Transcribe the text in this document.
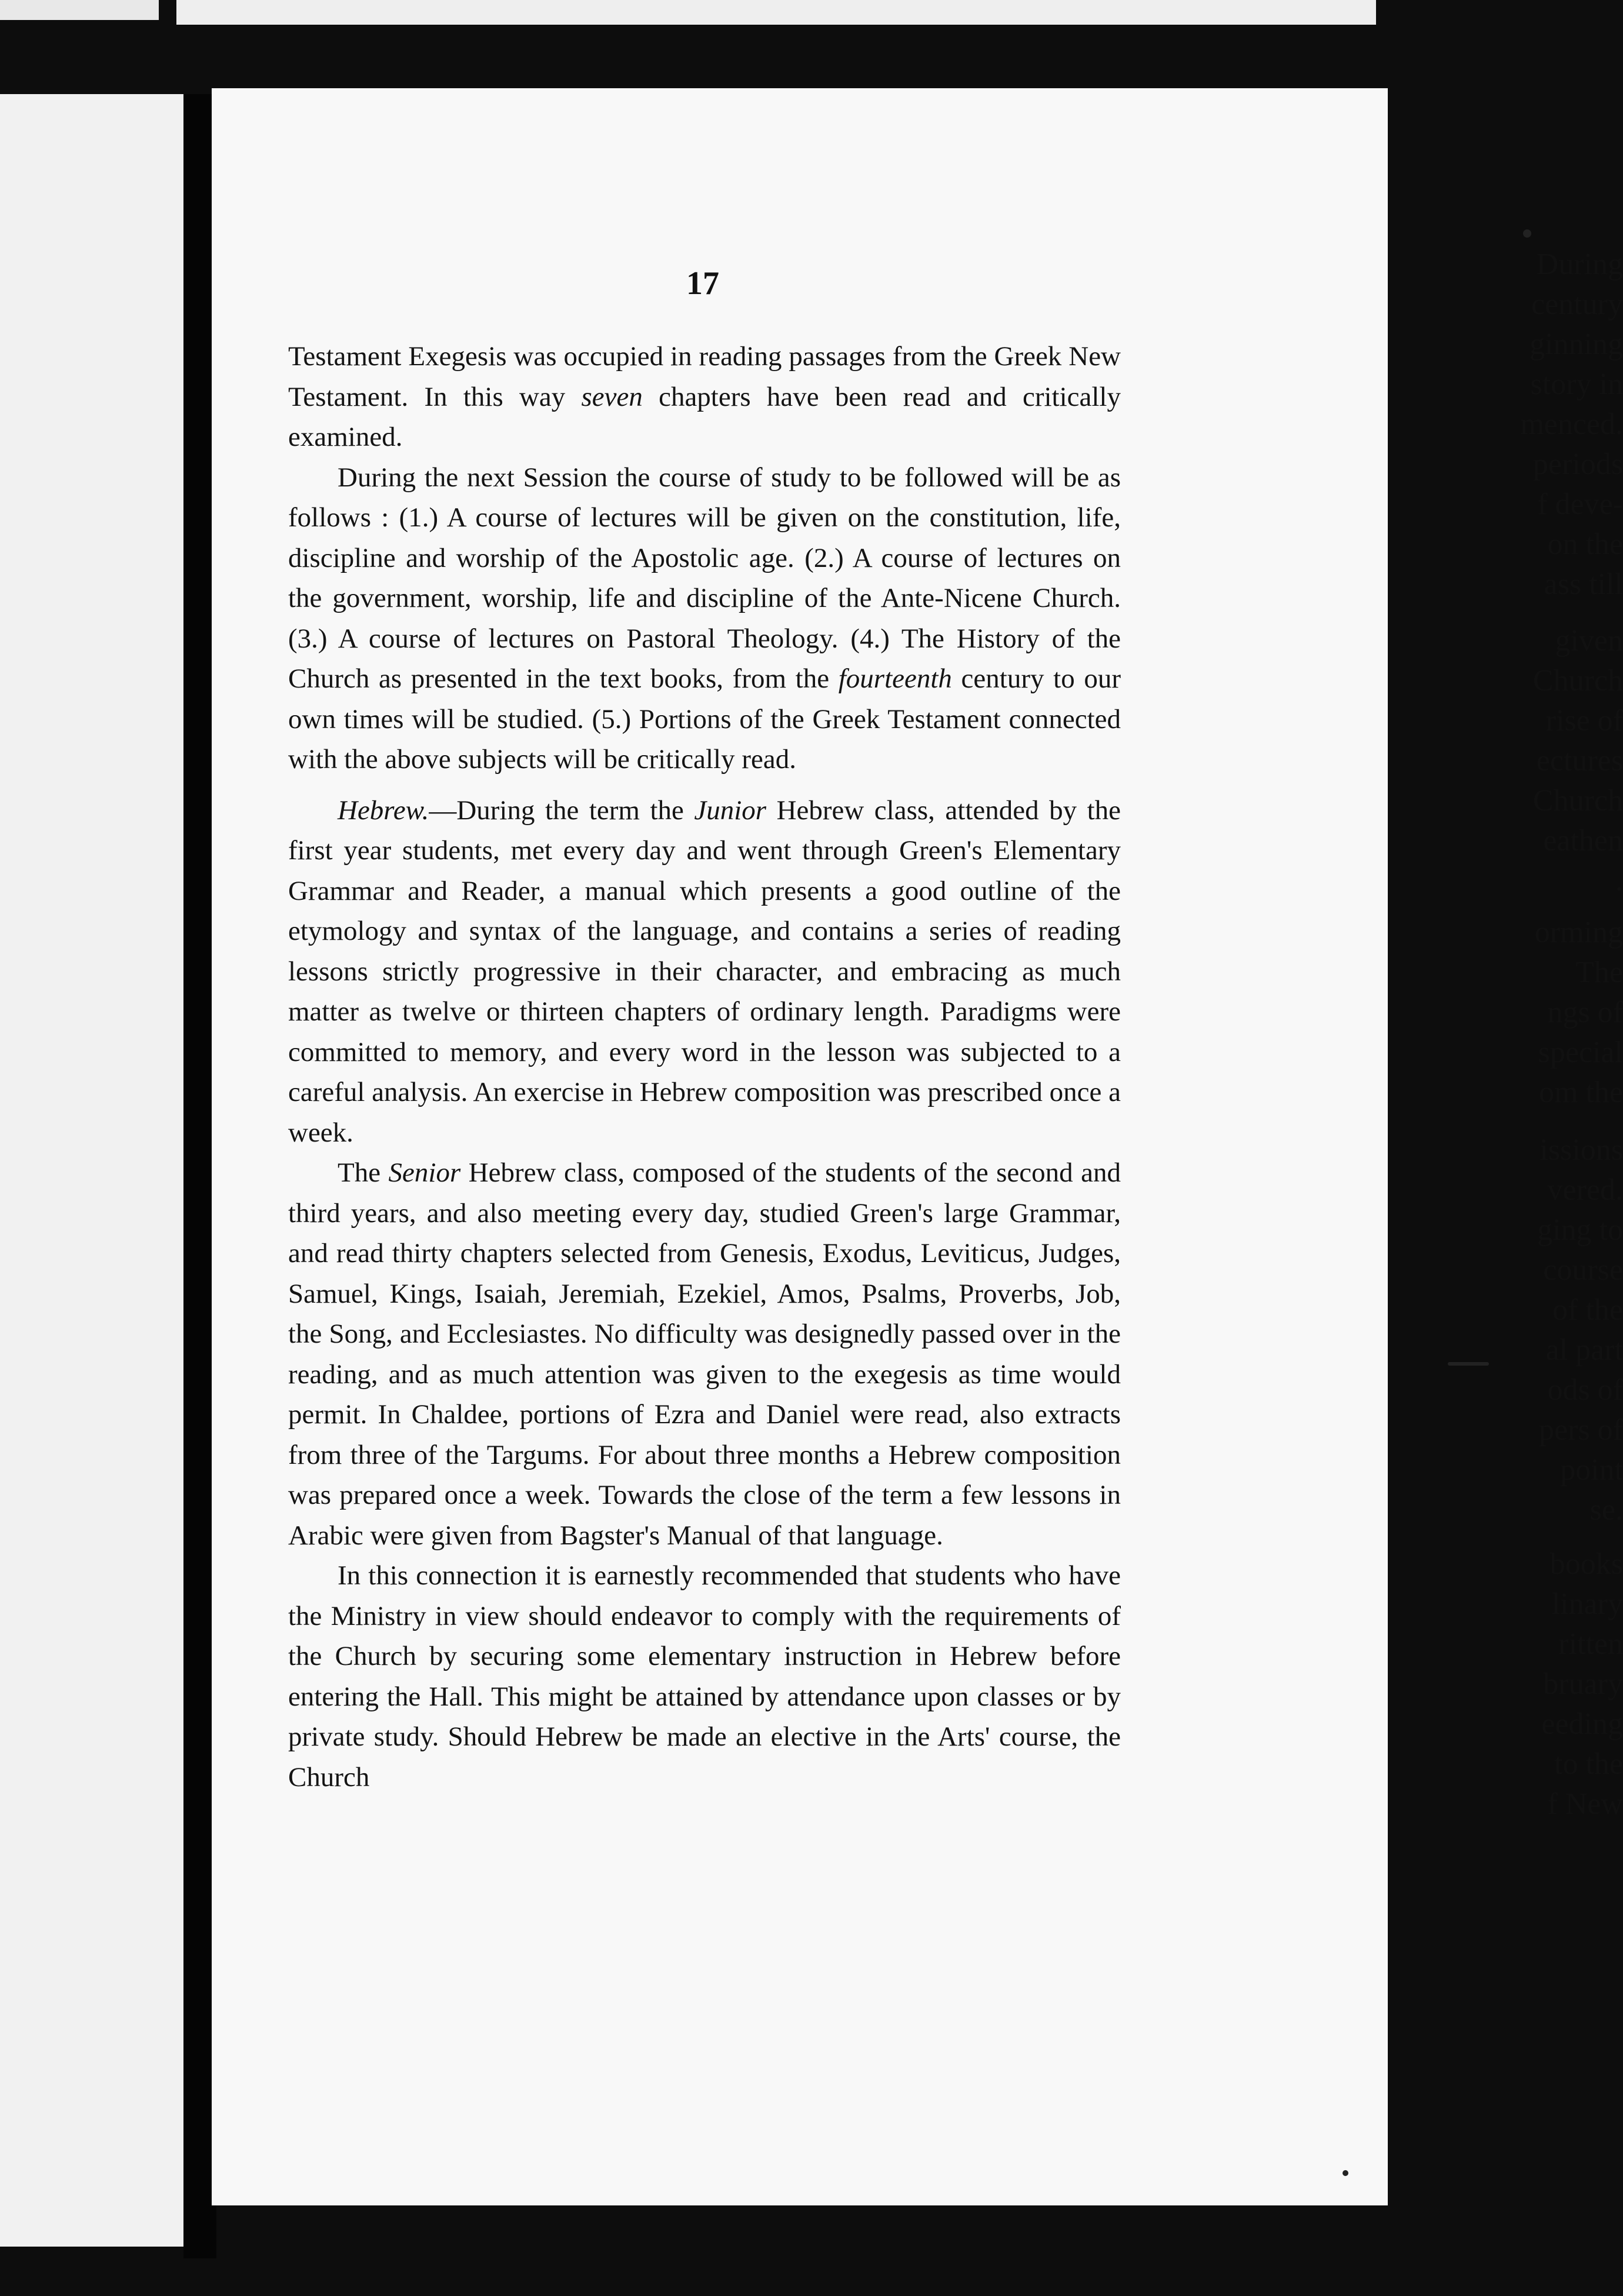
During
century
ginning
story in
menced.
periods
f deve-
on the
ass till
given
Church
rise of
ectures
Church
eathen
.
orming
The
ngs of
special
om the
issions
vered.
ging to
course
of the
al part
ods of
pers of
point
se.
books
linary
ritten
bruary
eeding
to the
f New
17

Testament Exegesis was occupied in reading passages from the Greek New Testament. In this way seven chapters have been read and critically examined.

During the next Session the course of study to be followed will be as follows : (1.) A course of lectures will be given on the constitution, life, discipline and worship of the Apostolic age. (2.) A course of lectures on the government, worship, life and discipline of the Ante-Nicene Church. (3.) A course of lectures on Pastoral Theology. (4.) The History of the Church as presented in the text books, from the fourteenth century to our own times will be studied. (5.) Portions of the Greek Testament connected with the above subjects will be critically read.

Hebrew.—During the term the Junior Hebrew class, attended by the first year students, met every day and went through Green's Elementary Grammar and Reader, a manual which presents a good outline of the etymology and syntax of the language, and contains a series of reading lessons strictly progressive in their character, and embracing as much matter as twelve or thirteen chapters of ordinary length. Paradigms were committed to memory, and every word in the lesson was subjected to a careful analysis. An exercise in Hebrew composition was prescribed once a week.

The Senior Hebrew class, composed of the students of the second and third years, and also meeting every day, studied Green's large Grammar, and read thirty chapters selected from Genesis, Exodus, Leviticus, Judges, Samuel, Kings, Isaiah, Jeremiah, Ezekiel, Amos, Psalms, Proverbs, Job, the Song, and Ecclesiastes. No difficulty was designedly passed over in the reading, and as much attention was given to the exegesis as time would permit. In Chaldee, portions of Ezra and Daniel were read, also extracts from three of the Targums. For about three months a Hebrew composition was prepared once a week. Towards the close of the term a few lessons in Arabic were given from Bagster's Manual of that language.

In this connection it is earnestly recommended that students who have the Ministry in view should endeavor to comply with the requirements of the Church by securing some elementary instruction in Hebrew before entering the Hall. This might be attained by attendance upon classes or by private study. Should Hebrew be made an elective in the Arts' course, the Church
